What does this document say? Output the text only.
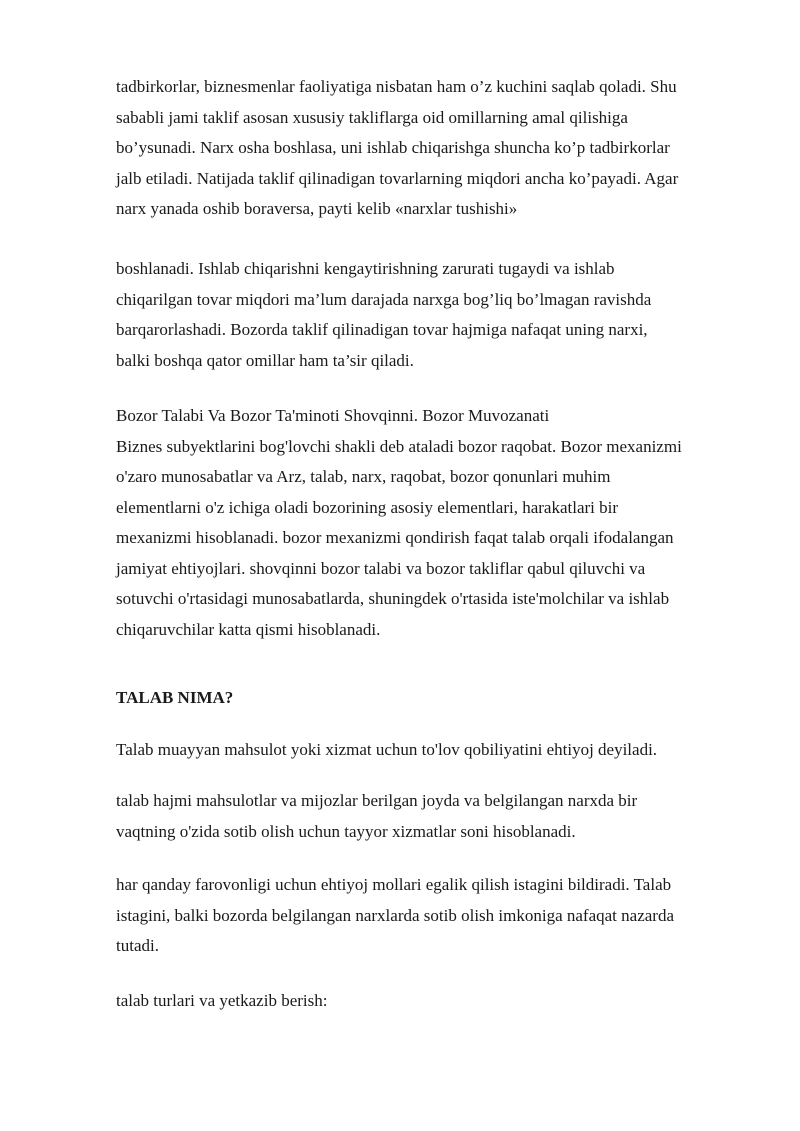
tadbirkorlar, biznesmenlar faoliyatiga nisbatan ham o’z kuchini saqlab qoladi. Shu
sababli jami taklif asosan xususiy takliflarga oid omillarning amal qilishiga
bo’ysunadi. Narx osha boshlasa, uni ishlab chiqarishga shuncha ko’p tadbirkorlar
jalb etiladi. Natijada taklif qilinadigan tovarlarning miqdori ancha ko’payadi. Agar
narx yanada oshib boraversa, payti kelib «narxlar tushishi»
boshlanadi. Ishlab chiqarishni kengaytirishning zarurati tugaydi va ishlab
chiqarilgan tovar miqdori ma’lum darajada narxga bog’liq bo’lmagan ravishda
barqarorlashadi. Bozorda taklif qilinadigan tovar hajmiga nafaqat uning narxi,
balki boshqa qator omillar ham ta’sir qiladi.
Bozor Talabi Va Bozor Ta'minoti Shovqinni. Bozor Muvozanati
Biznes subyektlarini bog'lovchi shakli deb ataladi bozor raqobat. Bozor mexanizmi
o'zaro munosabatlar va Arz, talab, narx, raqobat, bozor qonunlari muhim
elementlarni o'z ichiga oladi bozorining asosiy elementlari, harakatlari bir
mexanizmi hisoblanadi. bozor mexanizmi qondirish faqat talab orqali ifodalangan
jamiyat ehtiyojlari. shovqinni bozor talabi va bozor takliflar qabul qiluvchi va
sotuvchi o'rtasidagi munosabatlarda, shuningdek o'rtasida iste'molchilar va ishlab
chiqaruvchilar katta qismi hisoblanadi.
TALAB NIMA?
Talab muayyan mahsulot yoki xizmat uchun to'lov qobiliyatini ehtiyoj deyiladi.
talab hajmi mahsulotlar va mijozlar berilgan joyda va belgilangan narxda bir
vaqtning o'zida sotib olish uchun tayyor xizmatlar soni hisoblanadi.
har qanday farovonligi uchun ehtiyoj mollari egalik qilish istagini bildiradi. Talab
istagini, balki bozorda belgilangan narxlarda sotib olish imkoniga nafaqat nazarda
tutadi.
talab turlari va yetkazib berish:
